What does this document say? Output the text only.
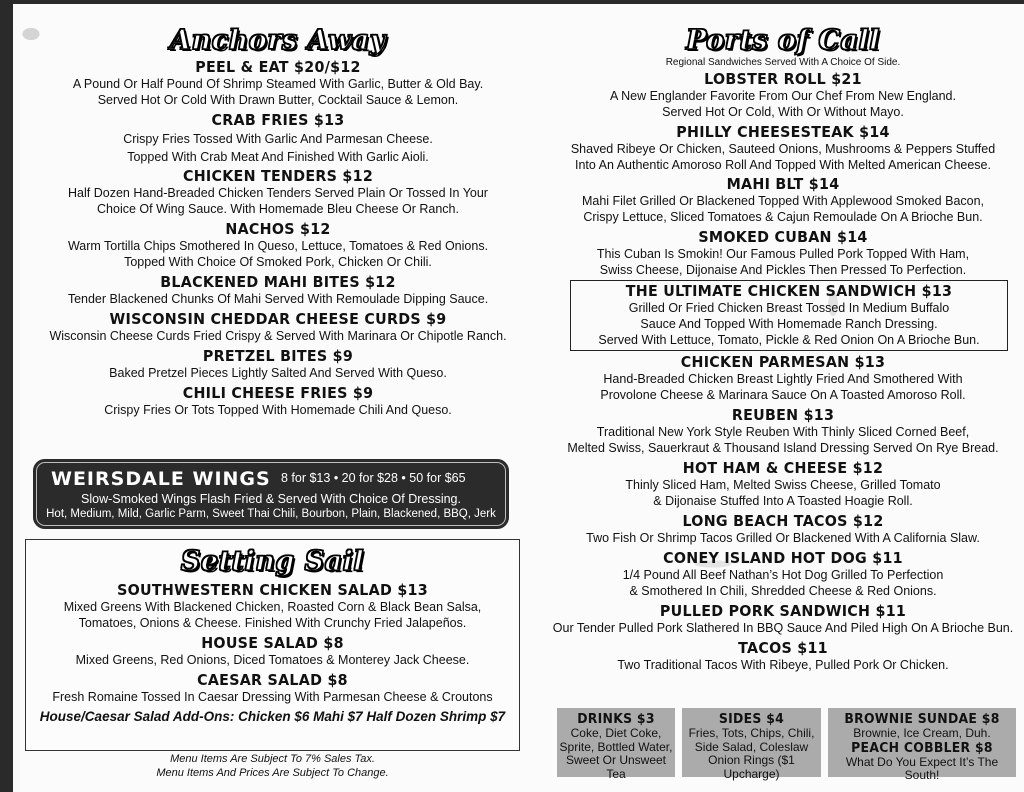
Anchors Away
PEEL & EAT $20/$12
A Pound Or Half Pound Of Shrimp Steamed With Garlic, Butter & Old Bay.
Served Hot Or Cold With Drawn Butter, Cocktail Sauce & Lemon.
CRAB FRIES $13
Crispy Fries Tossed With Garlic And Parmesan Cheese.
Topped With Crab Meat And Finished With Garlic Aioli.
CHICKEN TENDERS $12
Half Dozen Hand-Breaded Chicken Tenders Served Plain Or Tossed In Your
Choice Of Wing Sauce. With Homemade Bleu Cheese Or Ranch.
NACHOS $12
Warm Tortilla Chips Smothered In Queso, Lettuce, Tomatoes & Red Onions.
Topped With Choice Of Smoked Pork, Chicken Or Chili.
BLACKENED MAHI BITES $12
Tender Blackened Chunks Of Mahi Served With Remoulade Dipping Sauce.
WISCONSIN CHEDDAR CHEESE CURDS $9
Wisconsin Cheese Curds Fried Crispy & Served With Marinara Or Chipotle Ranch.
PRETZEL BITES $9
Baked Pretzel Pieces Lightly Salted And Served With Queso.
CHILI CHEESE FRIES $9
Crispy Fries Or Tots Topped With Homemade Chili And Queso.
WEIRSDALE WINGS 8 for $13 • 20 for $28 • 50 for $65
Slow-Smoked Wings Flash Fried & Served With Choice Of Dressing.
Hot, Medium, Mild, Garlic Parm, Sweet Thai Chili, Bourbon, Plain, Blackened, BBQ, Jerk
Setting Sail
SOUTHWESTERN CHICKEN SALAD $13
Mixed Greens With Blackened Chicken, Roasted Corn & Black Bean Salsa,
Tomatoes, Onions & Cheese. Finished With Crunchy Fried Jalapeños.
HOUSE SALAD $8
Mixed Greens, Red Onions, Diced Tomatoes & Monterey Jack Cheese.
CAESAR SALAD $8
Fresh Romaine Tossed In Caesar Dressing With Parmesan Cheese & Croutons
House/Caesar Salad Add-Ons: Chicken $6 Mahi $7 Half Dozen Shrimp $7
Menu Items Are Subject To 7% Sales Tax.
Menu Items And Prices Are Subject To Change.
Ports of Call
Regional Sandwiches Served With A Choice Of Side.
LOBSTER ROLL $21
A New Englander Favorite From Our Chef From New England.
Served Hot Or Cold, With Or Without Mayo.
PHILLY CHEESESTEAK $14
Shaved Ribeye Or Chicken, Sauteed Onions, Mushrooms & Peppers Stuffed
Into An Authentic Amoroso Roll And Topped With Melted American Cheese.
MAHI BLT $14
Mahi Filet Grilled Or Blackened Topped With Applewood Smoked Bacon,
Crispy Lettuce, Sliced Tomatoes & Cajun Remoulade On A Brioche Bun.
SMOKED CUBAN $14
This Cuban Is Smokin! Our Famous Pulled Pork Topped With Ham,
Swiss Cheese, Dijonaise And Pickles Then Pressed To Perfection.
THE ULTIMATE CHICKEN SANDWICH $13
Grilled Or Fried Chicken Breast Tossed In Medium Buffalo
Sauce And Topped With Homemade Ranch Dressing.
Served With Lettuce, Tomato, Pickle & Red Onion On A Brioche Bun.
CHICKEN PARMESAN $13
Hand-Breaded Chicken Breast Lightly Fried And Smothered With
Provolone Cheese & Marinara Sauce On A Toasted Amoroso Roll.
REUBEN $13
Traditional New York Style Reuben With Thinly Sliced Corned Beef,
Melted Swiss, Sauerkraut & Thousand Island Dressing Served On Rye Bread.
HOT HAM & CHEESE $12
Thinly Sliced Ham, Melted Swiss Cheese, Grilled Tomato
& Dijonaise Stuffed Into A Toasted Hoagie Roll.
LONG BEACH TACOS $12
Two Fish Or Shrimp Tacos Grilled Or Blackened With A California Slaw.
CONEY ISLAND HOT DOG $11
1/4 Pound All Beef Nathan’s Hot Dog Grilled To Perfection
& Smothered In Chili, Shredded Cheese & Red Onions.
PULLED PORK SANDWICH $11
Our Tender Pulled Pork Slathered In BBQ Sauce And Piled High On A Brioche Bun.
TACOS $11
Two Traditional Tacos With Ribeye, Pulled Pork Or Chicken.
DRINKS $3
Coke, Diet Coke,
Sprite, Bottled Water,
Sweet Or Unsweet Tea
SIDES $4
Fries, Tots, Chips, Chili,
Side Salad, Coleslaw
Onion Rings ($1 Upcharge)
BROWNIE SUNDAE $8
Brownie, Ice Cream, Duh.
PEACH COBBLER $8
What Do You Expect It’s The South!
